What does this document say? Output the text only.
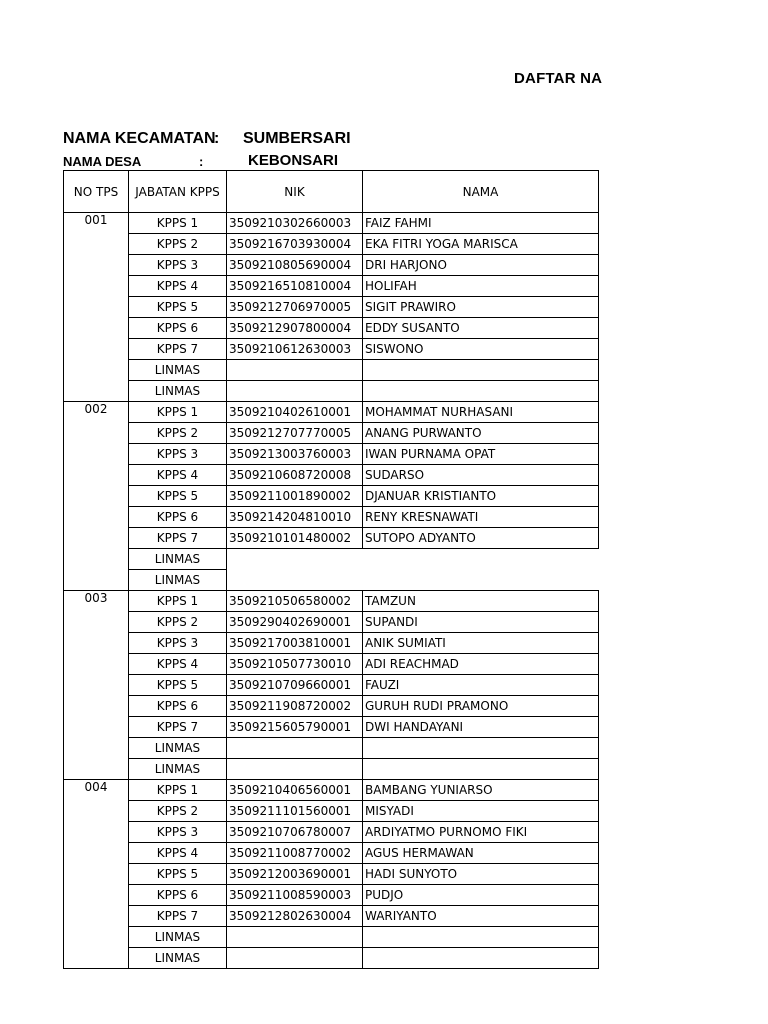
DAFTAR NA
NAMA KECAMATAN
: SUMBERSARI
NAMA DESA	:	KEBONSARI
NO TPS	JABATAN KPPS	NIK	NAMA
001	KPPS 1	3509210302660003	FAIZ FAHMI
	KPPS 2	3509216703930004	EKA FITRI YOGA MARISCA
	KPPS 3	3509210805690004	DRI HARJONO
	KPPS 4	3509216510810004	HOLIFAH
	KPPS 5	3509212706970005	SIGIT PRAWIRO
	KPPS 6	3509212907800004	EDDY SUSANTO
	KPPS 7	3509210612630003	SISWONO
	LINMAS		
	LINMAS		
002	KPPS 1	3509210402610001	MOHAMMAT NURHASANI
	KPPS 2	3509212707770005	ANANG PURWANTO
	KPPS 3	3509213003760003	IWAN PURNAMA OPAT
	KPPS 4	3509210608720008	SUDARSO
	KPPS 5	3509211001890002	DJANUAR KRISTIANTO
	KPPS 6	3509214204810010	RENY KRESNAWATI
	KPPS 7	3509210101480002	SUTOPO ADYANTO
	LINMAS		
	LINMAS		
003	KPPS 1	3509210506580002	TAMZUN
	KPPS 2	3509290402690001	SUPANDI
	KPPS 3	3509217003810001	ANIK SUMIATI
	KPPS 4	3509210507730010	ADI REACHMAD
	KPPS 5	3509210709660001	FAUZI
	KPPS 6	3509211908720002	GURUH RUDI PRAMONO
	KPPS 7	3509215605790001	DWI HANDAYANI
	LINMAS		
	LINMAS		
004	KPPS 1	3509210406560001	BAMBANG YUNIARSO
	KPPS 2	3509211101560001	MISYADI
	KPPS 3	3509210706780007	ARDIYATMO PURNOMO FIKI
	KPPS 4	3509211008770002	AGUS HERMAWAN
	KPPS 5	3509212003690001	HADI SUNYOTO
	KPPS 6	3509211008590003	PUDJO
	KPPS 7	3509212802630004	WARIYANTO
	LINMAS		
	LINMAS		
